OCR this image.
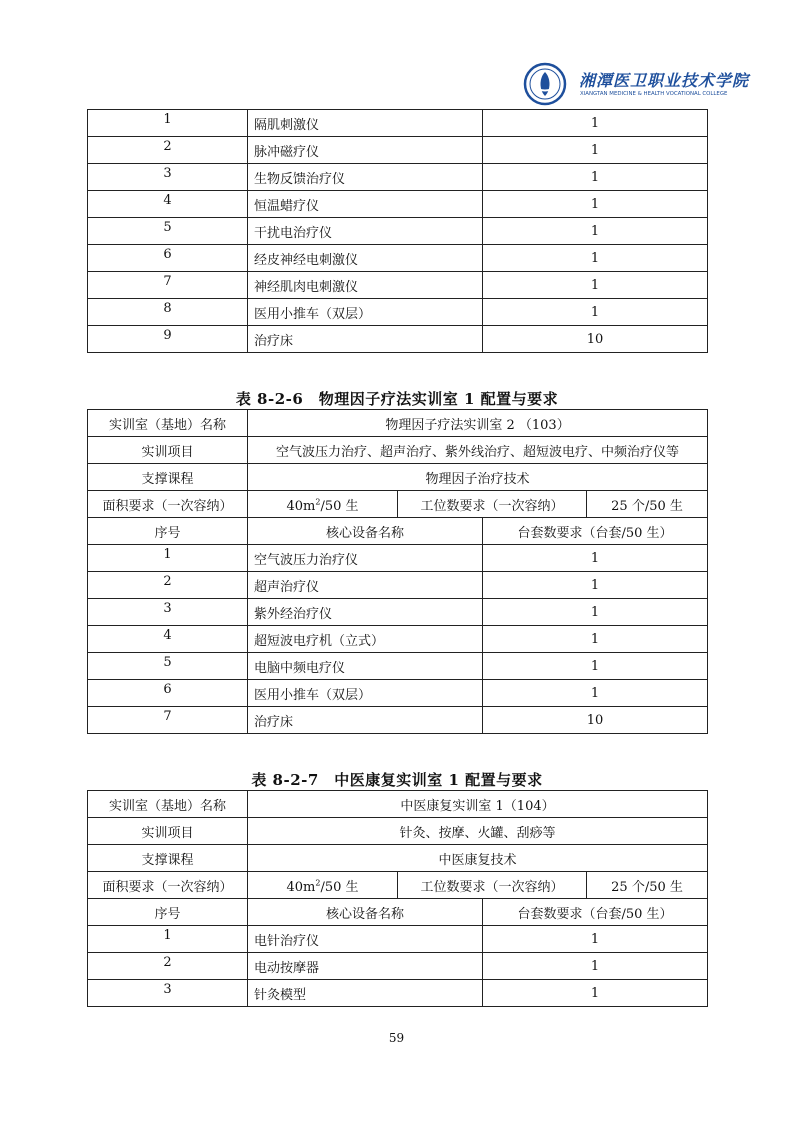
湘潭医卫职业技术学院
XIANGTAN MEDICINE & HEALTH VOCATIONAL COLLEGE
1	隔肌刺激仪	1
2	脉冲磁疗仪	1
3	生物反馈治疗仪	1
4	恒温蜡疗仪	1
5	干扰电治疗仪	1
6	经皮神经电刺激仪	1
7	神经肌肉电刺激仪	1
8	医用小推车（双层）	1
9	治疗床	10
表 8-2-6　物理因子疗法实训室 1 配置与要求
实训室（基地）名称	物理因子疗法实训室 2 （103）			
实训项目	空气波压力治疗、超声治疗、紫外线治疗、超短波电疗、中频治疗仪等			
支撑课程	物理因子治疗技术			
面积要求（一次容纳）	$40m^2/50$ 生	工位数要求（一次容纳）		25 个/50 生
序号	核心设备名称		台套数要求（台套/50 生）	
1	空气波压力治疗仪		1	
2	超声治疗仪		1	
3	紫外经治疗仪		1	
4	超短波电疗机（立式）		1	
5	电脑中频电疗仪		1	
6	医用小推车（双层）		1	
7	治疗床		10	
表 8-2-7　中医康复实训室 1 配置与要求
实训室（基地）名称	中医康复实训室 1（104）			
实训项目	针灸、按摩、火罐、刮痧等			
支撑课程	中医康复技术			
面积要求（一次容纳）	$40m^2/50$ 生	工位数要求（一次容纳）		25 个/50 生
序号	核心设备名称		台套数要求（台套/50 生）	
1	电针治疗仪		1	
2	电动按摩器		1	
3	针灸模型		1	
59
